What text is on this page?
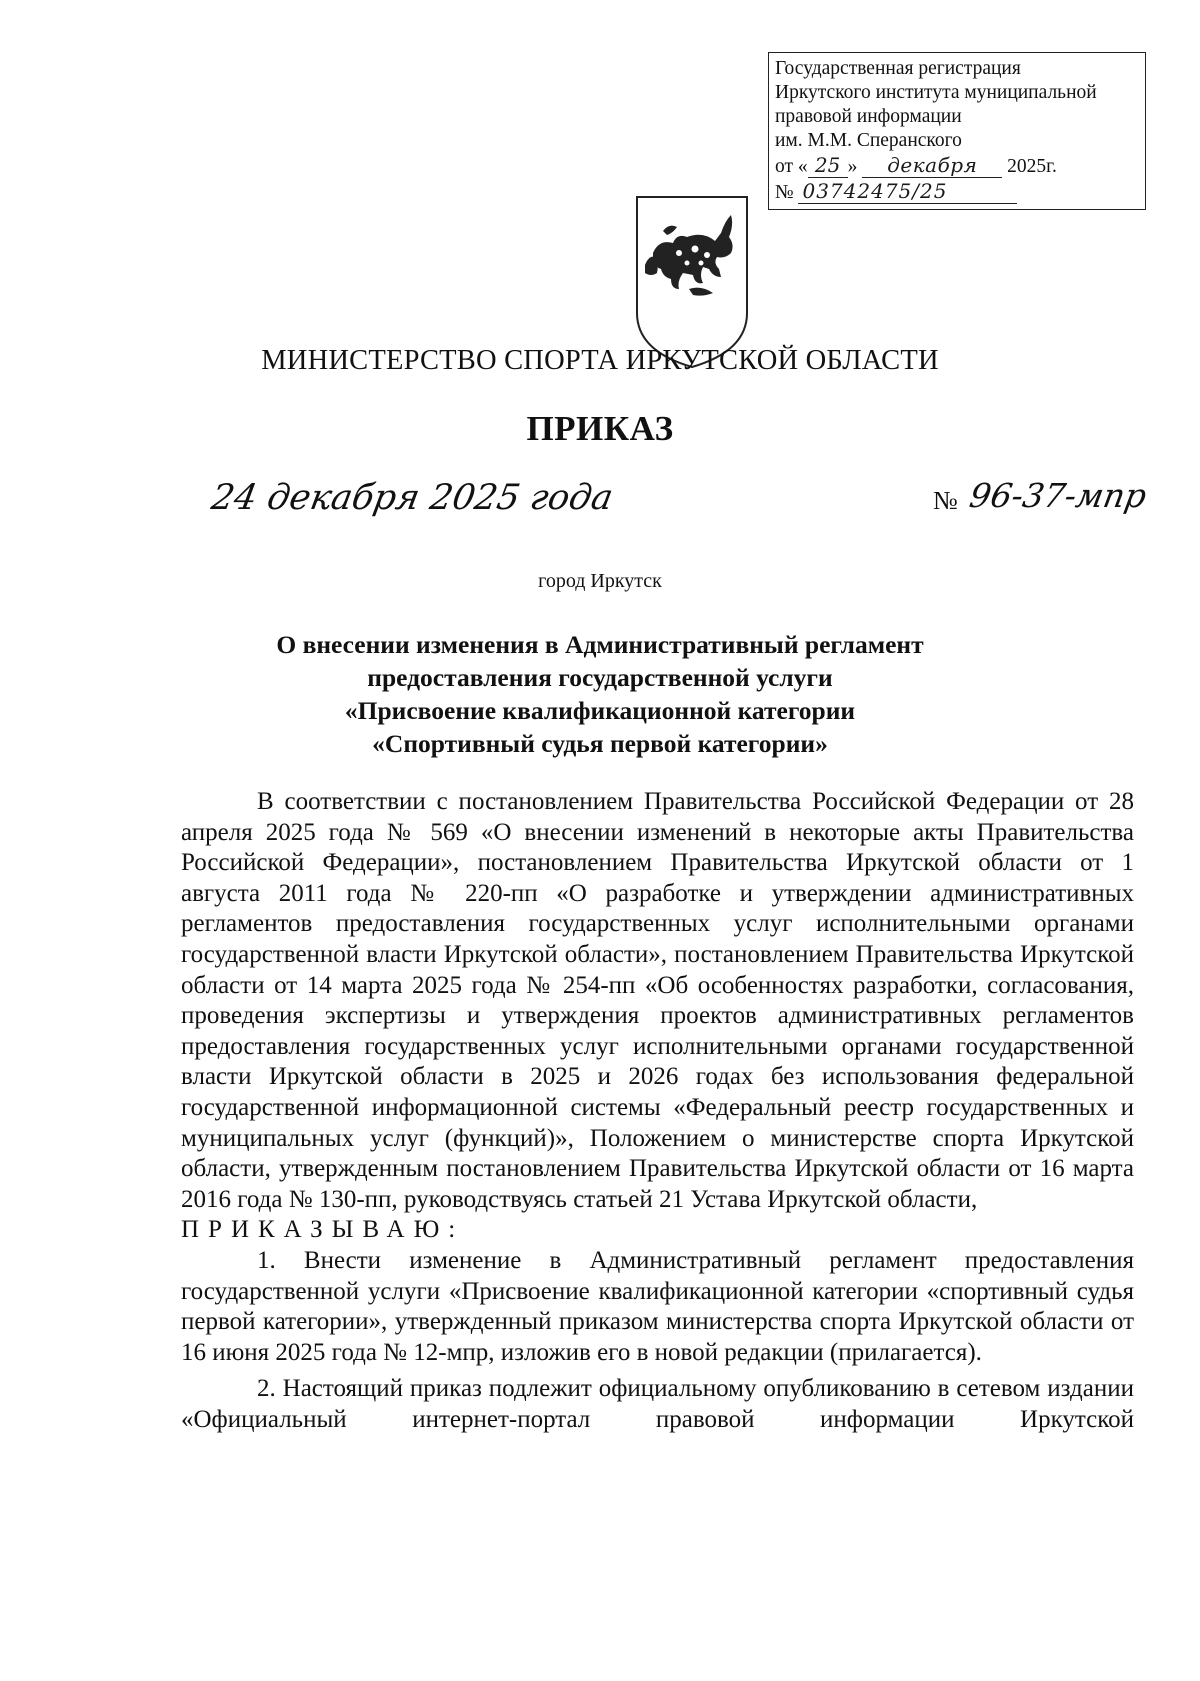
Государственная регистрация
Иркутского института муниципальной
правовой информации
им. М.М. Сперанского
от « 25 » декабря 2025г.
№ 03742475/25
МИНИСТЕРСТВО СПОРТА ИРКУТСКОЙ ОБЛАСТИ
ПРИКАЗ
24 декабря 2025 года	№ 96-37-мпр
город Иркутск
О внесении изменения в Административный регламент
предоставления государственной услуги
«Присвоение квалификационной категории
«Спортивный судья первой категории»

В соответствии с постановлением Правительства Российской Федерации от 28 апреля 2025 года № 569 «О внесении изменений в некоторые акты Правительства Российской Федерации», постановлением Правительства Иркутской области от 1 августа 2011 года № 220-пп «О разработке и утверждении административных регламентов предоставления государственных услуг исполнительными органами государственной власти Иркутской области», постановлением Правительства Иркутской области от 14 марта 2025 года № 254-пп «Об особенностях разработки, согласования, проведения экспертизы и утверждения проектов административных регламентов предоставления государственных услуг исполнительными органами государственной власти Иркутской области в 2025 и 2026 годах без использования федеральной государственной информационной системы «Федеральный реестр государственных и муниципальных услуг (функций)», Положением о министерстве спорта Иркутской области, утвержденным постановлением Правительства Иркутской области от 16 марта 2016 года № 130-пп, руководствуясь статьей 21 Устава Иркутской области,

ПРИКАЗЫВАЮ:

1. Внести изменение в Административный регламент предоставления государственной услуги «Присвоение квалификационной категории «спортивный судья первой категории», утвержденный приказом министерства спорта Иркутской области от 16 июня 2025 года № 12-мпр, изложив его в новой редакции (прилагается).

2. Настоящий приказ подлежит официальному опубликованию в сетевом издании «Официальный интернет-портал правовой информации Иркутской
